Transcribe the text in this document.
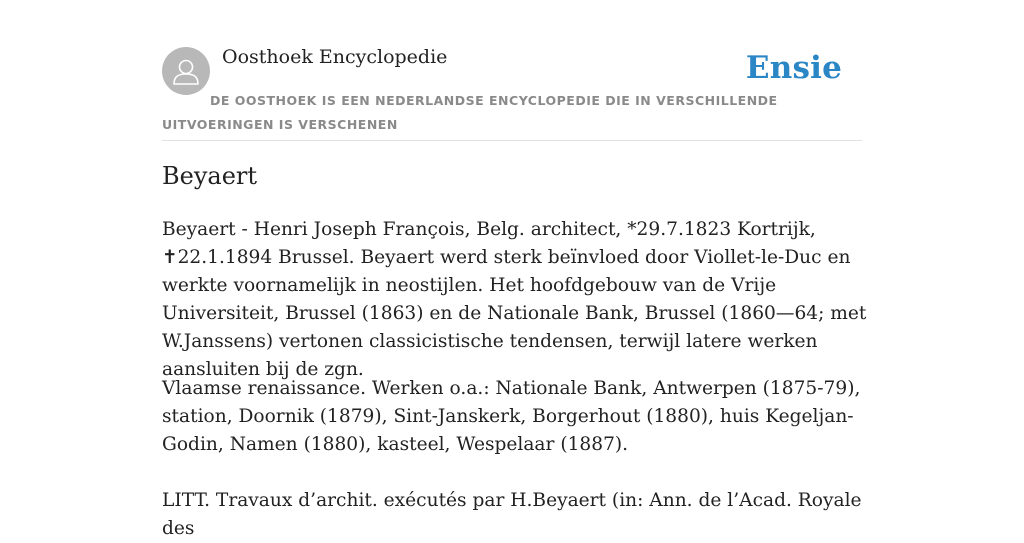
Oosthoek Encyclopedie	Ensie
DE OOSTHOEK IS EEN NEDERLANDSE ENCYCLOPEDIE DIE IN VERSCHILLENDE UITVOERINGEN IS VERSCHENEN
Beyaert

Beyaert - Henri Joseph François, Belg. architect, *29.7.1823 Kortrijk, ✝22.1.1894 Brussel. Beyaert werd sterk beïnvloed door Viollet-le-Duc en werkte voornamelijk in neostijlen. Het hoofdgebouw van de Vrije Universiteit, Brussel (1863) en de Nationale Bank, Brussel (1860—64; met W.Janssens) vertonen classicistische tendensen, terwijl latere werken aansluiten bij de zgn.

Vlaamse renaissance. Werken o.a.: Nationale Bank, Antwerpen (1875-79), station, Doornik (1879), Sint-Janskerk, Borgerhout (1880), huis Kegeljan-Godin, Namen (1880), kasteel, Wespelaar (1887).

LITT. Travaux d’archit. exécutés par H.Beyaert (in: Ann. de l’Acad. Royale des
